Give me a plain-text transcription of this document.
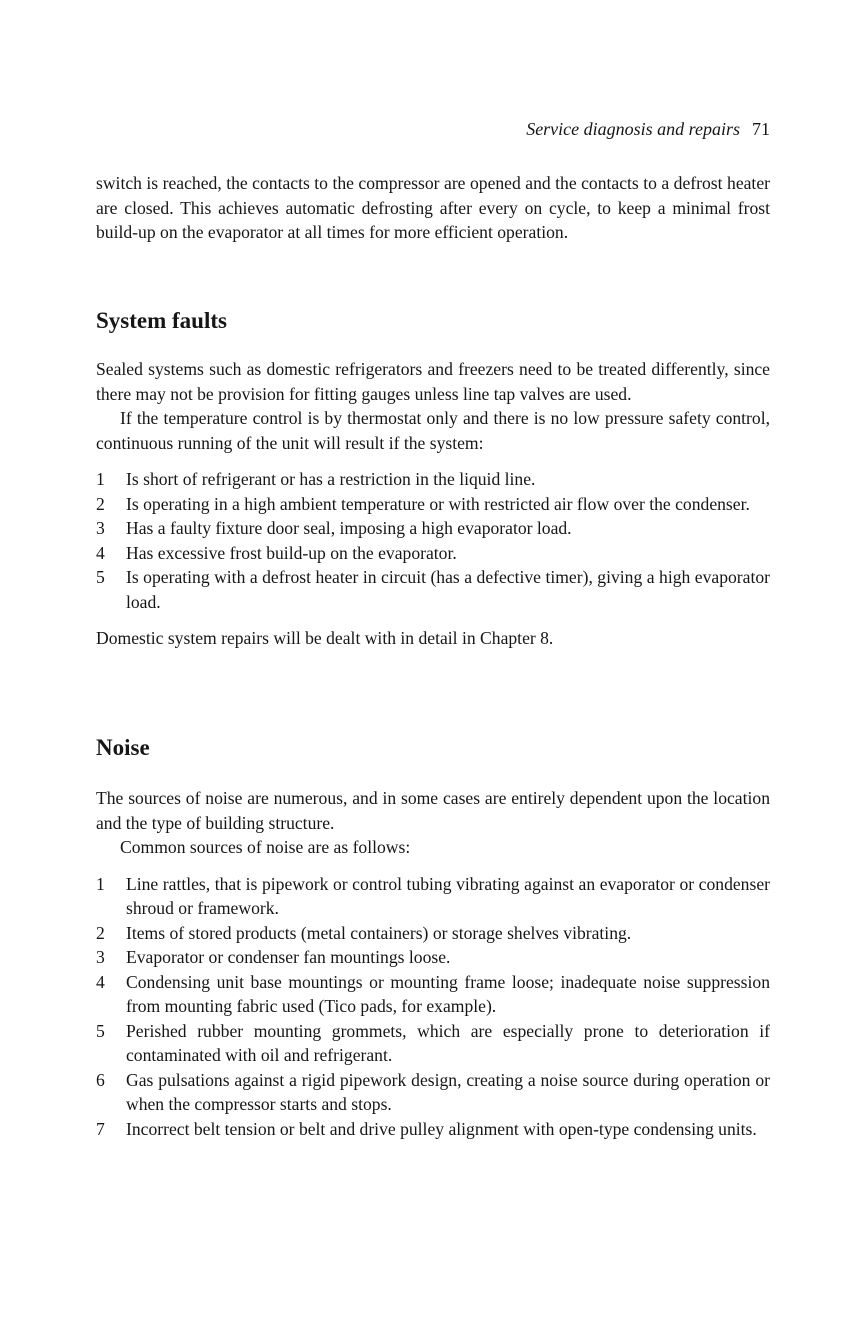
Service diagnosis and repairs 71

switch is reached, the contacts to the compressor are opened and the contacts to a defrost heater are closed. This achieves automatic defrosting after every on cycle, to keep a minimal frost build-up on the evaporator at all times for more efficient operation.

System faults

Sealed systems such as domestic refrigerators and freezers need to be treated differently, since there may not be provision for fitting gauges unless line tap valves are used.

If the temperature control is by thermostat only and there is no low pressure safety control, continuous running of the unit will result if the system:

1 Is short of refrigerant or has a restriction in the liquid line.
2 Is operating in a high ambient temperature or with restricted air flow over the condenser.
3 Has a faulty fixture door seal, imposing a high evaporator load.
4 Has excessive frost build-up on the evaporator.
5 Is operating with a defrost heater in circuit (has a defective timer), giving a high evaporator load.

Domestic system repairs will be dealt with in detail in Chapter 8.

Noise

The sources of noise are numerous, and in some cases are entirely dependent upon the location and the type of building structure.

Common sources of noise are as follows:

1 Line rattles, that is pipework or control tubing vibrating against an evaporator or condenser shroud or framework.
2 Items of stored products (metal containers) or storage shelves vibrating.
3 Evaporator or condenser fan mountings loose.
4 Condensing unit base mountings or mounting frame loose; inadequate noise suppression from mounting fabric used (Tico pads, for example).
5 Perished rubber mounting grommets, which are especially prone to deterioration if contaminated with oil and refrigerant.
6 Gas pulsations against a rigid pipework design, creating a noise source during operation or when the compressor starts and stops.
7 Incorrect belt tension or belt and drive pulley alignment with open-type condensing units.
